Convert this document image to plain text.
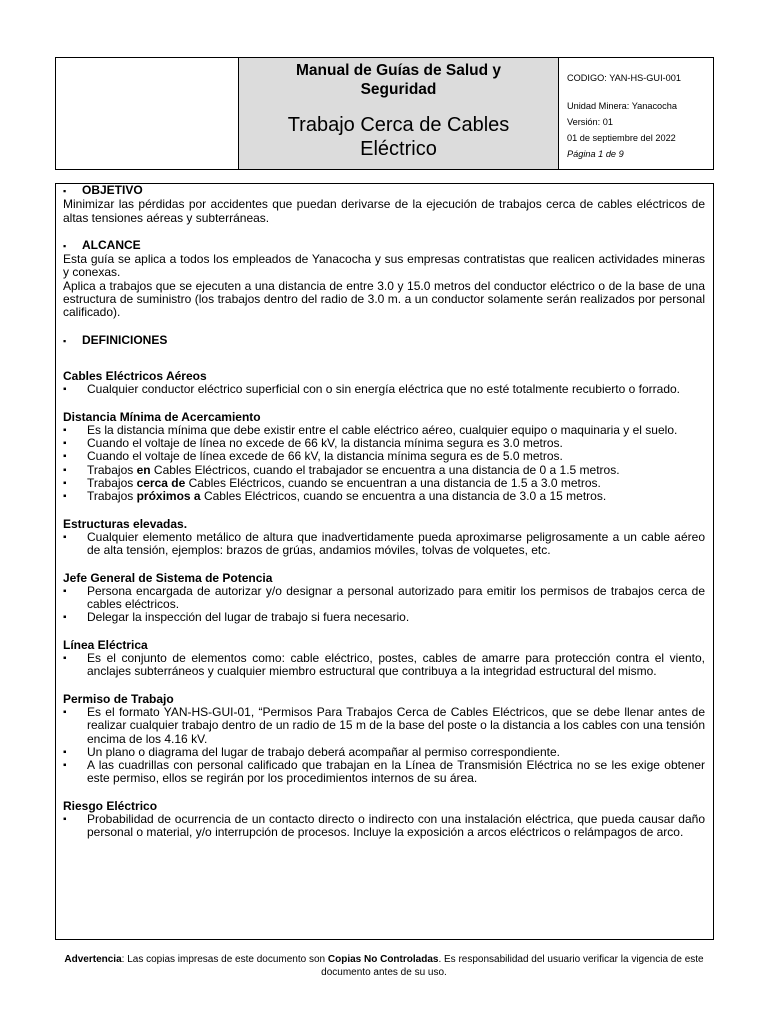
Manual de Guías de Salud y Seguridad
Trabajo Cerca de Cables Eléctrico
CODIGO: YAN-HS-GUI-001
Unidad Minera: Yanacocha
Versión: 01
01 de septiembre del 2022
Página 1 de 9
▪	OBJETIVO

Minimizar las pérdidas por accidentes que puedan derivarse de la ejecución de trabajos cerca de cables eléctricos de altas tensiones aéreas y subterráneas.

▪	ALCANCE

Esta guía se aplica a todos los empleados de Yanacocha y sus empresas contratistas que realicen actividades mineras y conexas.

Aplica a trabajos que se ejecuten a una distancia de entre 3.0 y 15.0 metros del conductor eléctrico o de la base de una estructura de suministro (los trabajos dentro del radio de 3.0 m. a un conductor solamente serán realizados por personal calificado).

▪	DEFINICIONES
Cables Eléctricos Aéreos
▪ Cualquier conductor eléctrico superficial con o sin energía eléctrica que no esté totalmente recubierto o forrado.
Distancia Mínima de Acercamiento
▪ Es la distancia mínima que debe existir entre el cable eléctrico aéreo, cualquier equipo o maquinaria y el suelo.
▪ Cuando el voltaje de línea no excede de 66 kV, la distancia mínima segura es 3.0 metros.
▪ Cuando el voltaje de línea excede de 66 kV, la distancia mínima segura es de 5.0 metros.
▪ Trabajos en Cables Eléctricos, cuando el trabajador se encuentra a una distancia de 0 a 1.5 metros.
▪ Trabajos cerca de Cables Eléctricos, cuando se encuentran a una distancia de 1.5 a 3.0 metros.
▪ Trabajos próximos a Cables Eléctricos, cuando se encuentra a una distancia de 3.0 a 15 metros.
Estructuras elevadas.
▪ Cualquier elemento metálico de altura que inadvertidamente pueda aproximarse peligrosamente a un cable aéreo de alta tensión, ejemplos: brazos de grúas, andamios móviles, tolvas de volquetes, etc.
Jefe General de Sistema de Potencia
▪ Persona encargada de autorizar y/o designar a personal autorizado para emitir los permisos de trabajos cerca de cables eléctricos.
▪ Delegar la inspección del lugar de trabajo si fuera necesario.
Línea Eléctrica
▪ Es el conjunto de elementos como: cable eléctrico, postes, cables de amarre para protección contra el viento, anclajes subterráneos y cualquier miembro estructural que contribuya a la integridad estructural del mismo.
Permiso de Trabajo
▪ Es el formato YAN-HS-GUI-01, “Permisos Para Trabajos Cerca de Cables Eléctricos, que se debe llenar antes de realizar cualquier trabajo dentro de un radio de 15 m de la base del poste o la distancia a los cables con una tensión encima de los 4.16 kV.
▪ Un plano o diagrama del lugar de trabajo deberá acompañar al permiso correspondiente.
▪ A las cuadrillas con personal calificado que trabajan en la Línea de Transmisión Eléctrica no se les exige obtener este permiso, ellos se regirán por los procedimientos internos de su área.
Riesgo Eléctrico
▪ Probabilidad de ocurrencia de un contacto directo o indirecto con una instalación eléctrica, que pueda causar daño personal o material, y/o interrupción de procesos. Incluye la exposición a arcos eléctricos o relámpagos de arco.
Advertencia: Las copias impresas de este documento son Copias No Controladas. Es responsabilidad del usuario verificar la vigencia de este documento antes de su uso.
